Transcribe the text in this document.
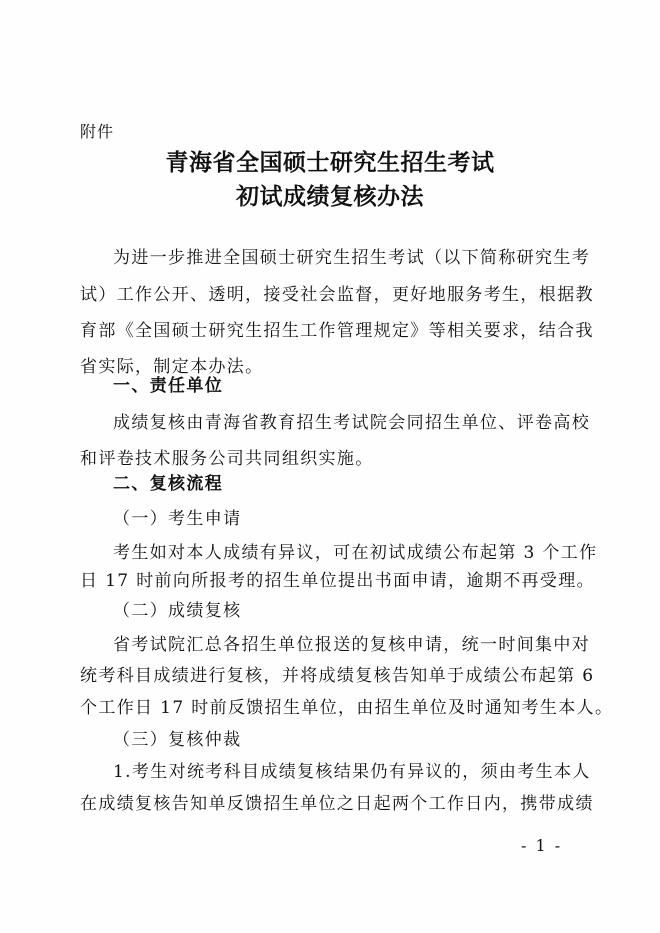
附件
青海省全国硕士研究生招生考试
初试成绩复核办法
为进一步推进全国硕士研究生招生考试（以下简称研究生考
试）工作公开、透明，接受社会监督，更好地服务考生，根据教
育部《全国硕士研究生招生工作管理规定》等相关要求，结合我
省实际，制定本办法。
一、责任单位
成绩复核由青海省教育招生考试院会同招生单位、评卷高校
和评卷技术服务公司共同组织实施。
二、复核流程
（一）考生申请
考生如对本人成绩有异议，可在初试成绩公布起第 3 个工作
日 17 时前向所报考的招生单位提出书面申请，逾期不再受理。
（二）成绩复核
省考试院汇总各招生单位报送的复核申请，统一时间集中对
统考科目成绩进行复核，并将成绩复核告知单于成绩公布起第 6
个工作日 17 时前反馈招生单位，由招生单位及时通知考生本人。
（三）复核仲裁
1.考生对统考科目成绩复核结果仍有异议的，须由考生本人
在成绩复核告知单反馈招生单位之日起两个工作日内，携带成绩
- 1 -
